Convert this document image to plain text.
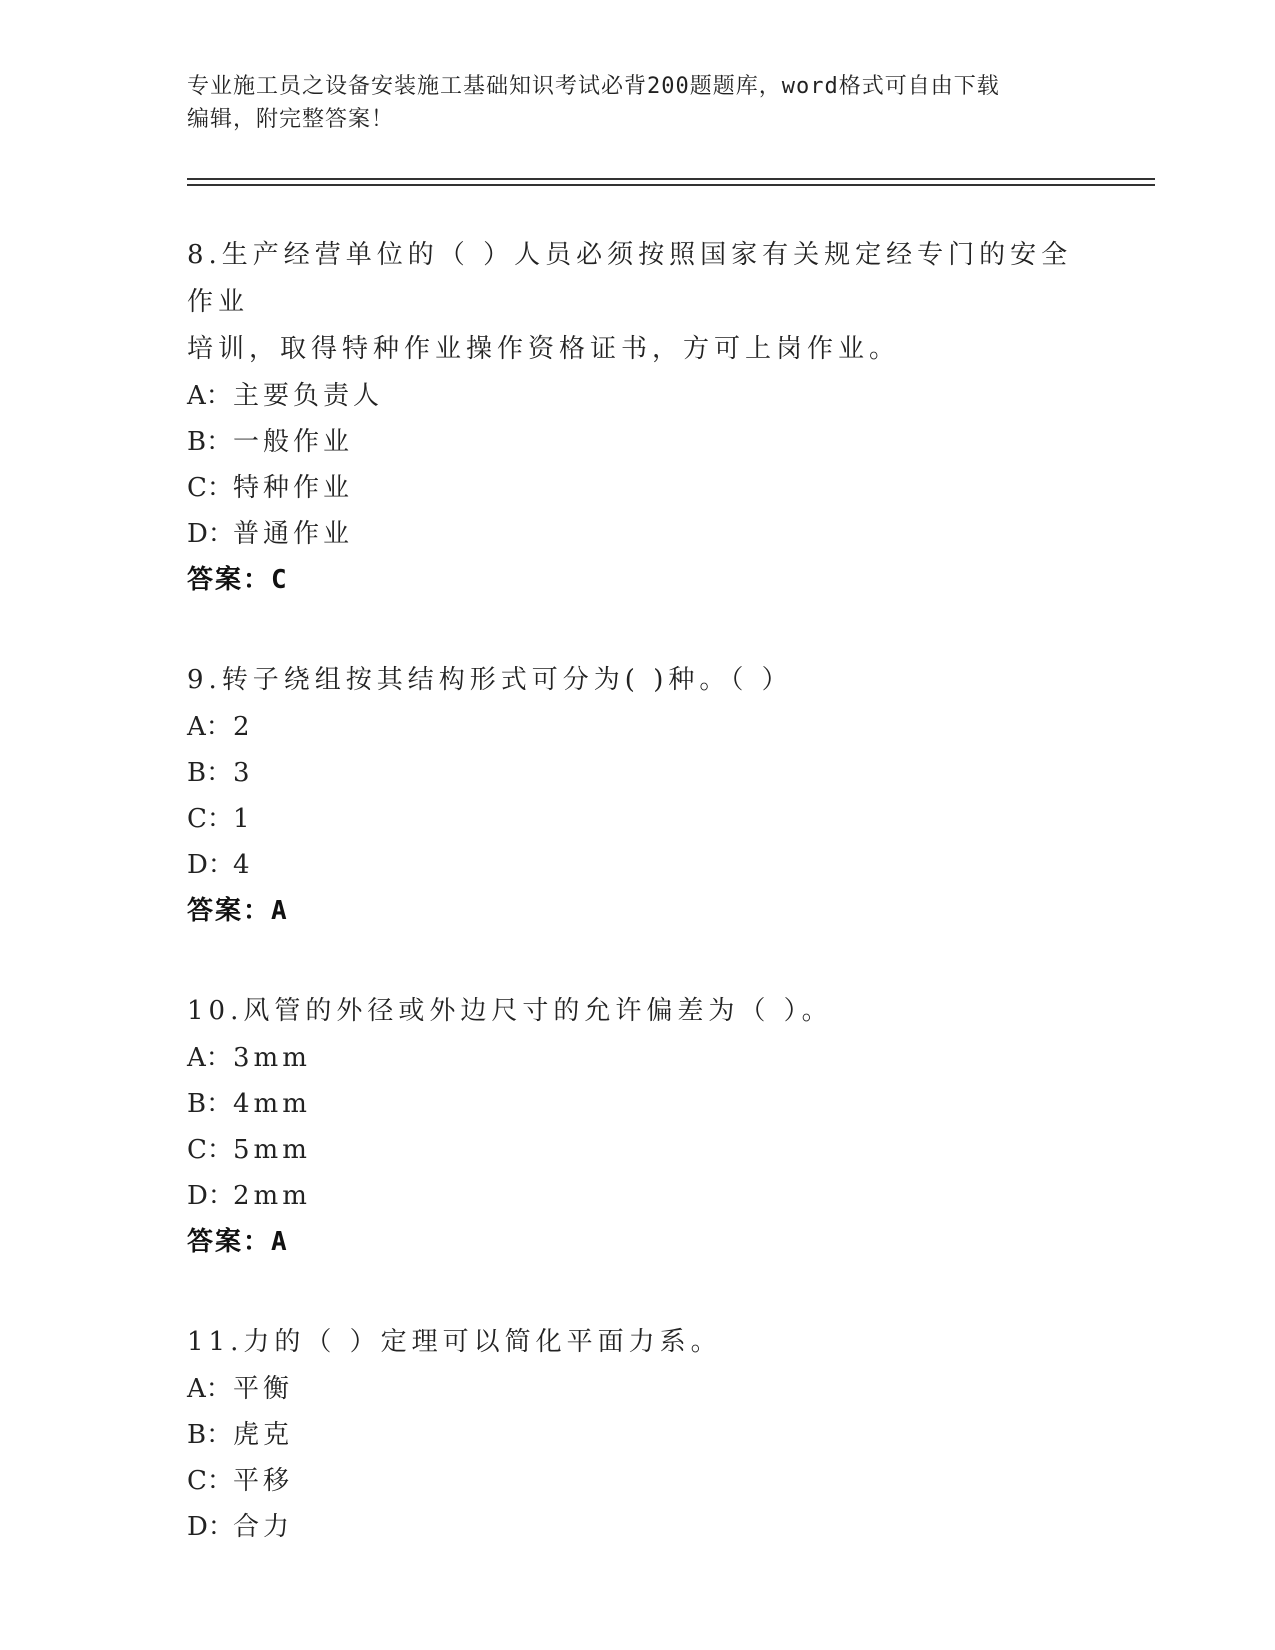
专业施工员之设备安装施工基础知识考试必背200题题库，word格式可自由下载
编辑，附完整答案！
8.生产经营单位的（ ）人员必须按照国家有关规定经专门的安全作业
培训，取得特种作业操作资格证书，方可上岗作业。
A：主要负责人
B：一般作业
C：特种作业
D：普通作业
答案：C
9.转子绕组按其结构形式可分为( )种。（ ）
A：2
B：3
C：1
D：4
答案：A
10.风管的外径或外边尺寸的允许偏差为（ ）。
A：3mm
B：4mm
C：5mm
D：2mm
答案：A
11.力的（ ）定理可以简化平面力系。
A：平衡
B：虎克
C：平移
D：合力
